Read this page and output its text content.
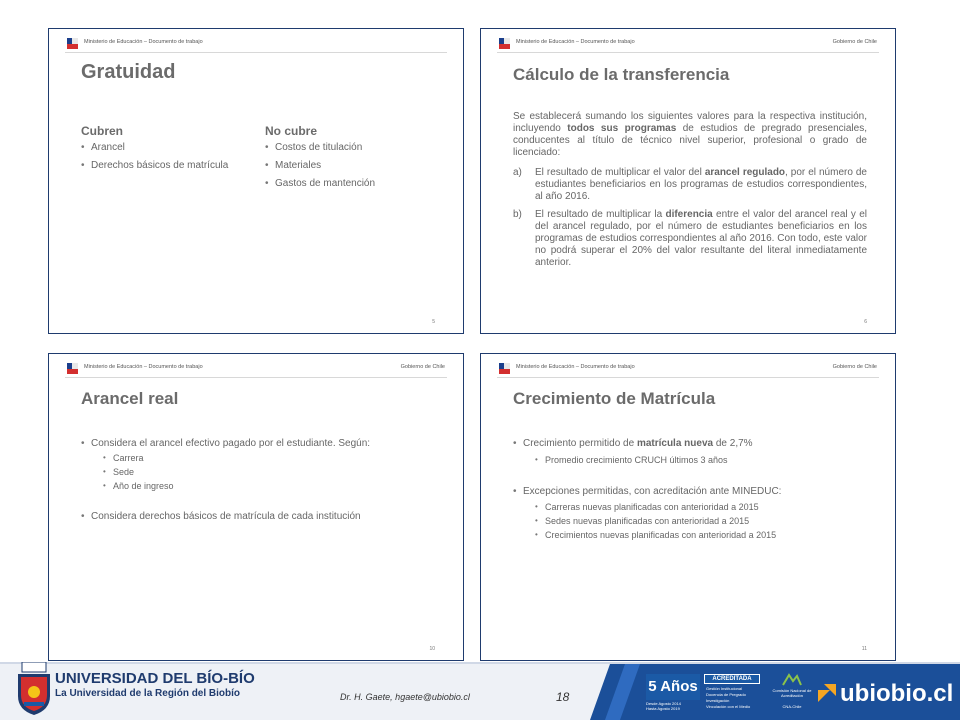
Ministerio de Educación – Documento de trabajo
Gratuidad
Cubren
• Arancel
• Derechos básicos de matrícula
No cubre
• Costos de titulación
• Materiales
• Gastos de mantención
5
Ministerio de Educación – Documento de trabajo	Gobierno de Chile
Cálculo de la transferencia
Se establecerá sumando los siguientes valores para la respectiva institución, incluyendo todos sus programas de estudios de pregrado presenciales, conducentes al título de técnico nivel superior, profesional o grado de licenciado:
a) El resultado de multiplicar el valor del arancel regulado, por el número de estudiantes beneficiarios en los programas de estudios correspondientes, al año 2016.
b) El resultado de multiplicar la diferencia entre el valor del arancel real y el del arancel regulado, por el número de estudiantes beneficiarios en los programas de estudios correspondientes al año 2016. Con todo, este valor no podrá superar el 20% del valor resultante del literal inmediatamente anterior.
6
Ministerio de Educación – Documento de trabajo	Gobierno de Chile
Arancel real
• Considera el arancel efectivo pagado por el estudiante. Según:
• Carrera
• Sede
• Año de ingreso
• Considera derechos básicos de matrícula de cada institución
10
Ministerio de Educación – Documento de trabajo	Gobierno de Chile
Crecimiento de Matrícula
• Crecimiento permitido de matrícula nueva de 2,7%
• Promedio crecimiento CRUCH últimos 3 años
• Excepciones permitidas, con acreditación ante MINEDUC:
• Carreras nuevas planificadas con anterioridad a 2015
• Sedes nuevas planificadas con anterioridad a 2015
• Crecimientos nuevas planificadas con anterioridad a 2015
11
UNIVERSIDAD DEL BÍO-BÍO
La Universidad de la Región del Biobío	Dr. H. Gaete, hgaete@ubiobio.cl	18
5 Años
Desde Agosto 2014
Hasta Agosto 2019
ACREDITADA
Gestión Institucional
Docencia de Pregrado
Investigación
Vinculación con el Medio
Comisión Nacional de Acreditación
CNA-Chile	ubiobio.cl
